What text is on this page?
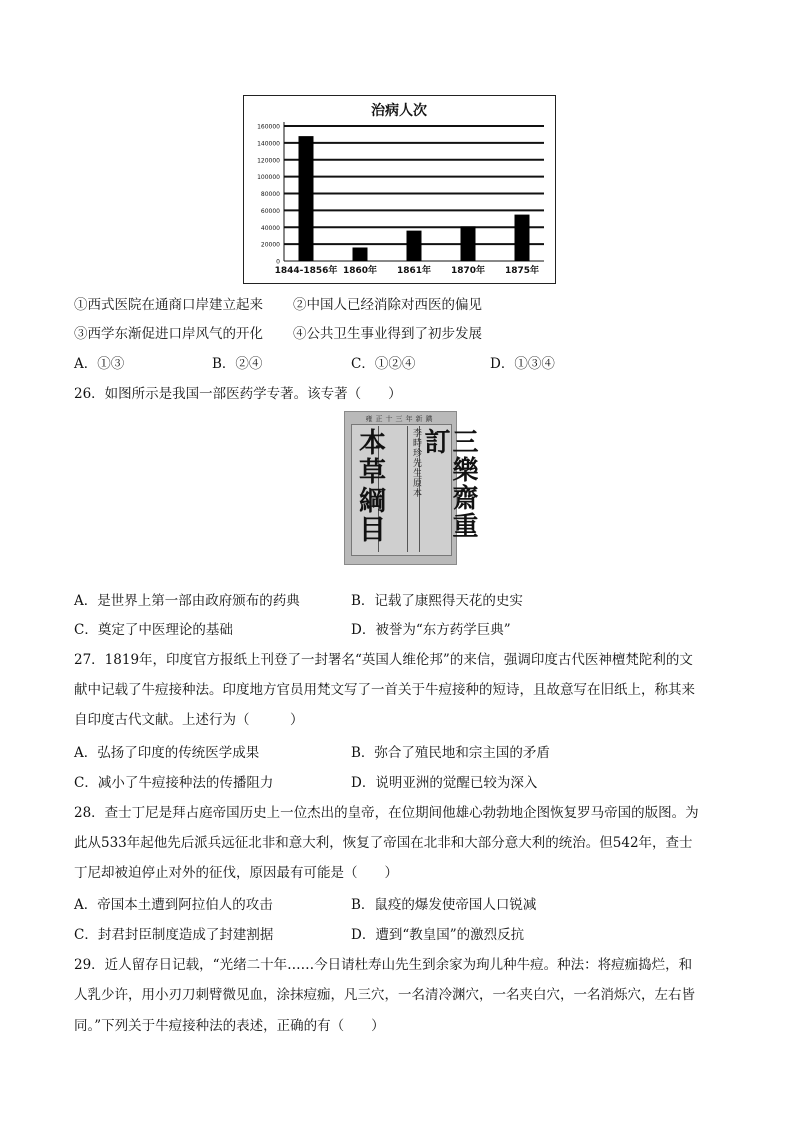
治病人次
160000
140000
120000
100000
80000
60000
40000
20000
0
1844-1856年 1860年 1861年 1870年 1875年
①西式医院在通商口岸建立起来 ②中国人已经消除对西医的偏见
③西学东渐促进口岸风气的开化 ④公共卫生事业得到了初步发展
A．①③	B．②④	C．①②④	D．①③④
26．如图所示是我国一部医药学专著。该专著（　　）
雍正十三年新鐫
本草綱目	李時珍先生原本	三樂齋重訂
A．是世界上第一部由政府颁布的药典	B．记载了康熙得天花的史实
C．奠定了中医理论的基础	D．被誉为“东方药学巨典”
27．1819年，印度官方报纸上刊登了一封署名“英国人维伦邦”的来信，强调印度古代医神檀梵陀利的文
献中记载了牛痘接种法。印度地方官员用梵文写了一首关于牛痘接种的短诗，且故意写在旧纸上，称其来
自印度古代文献。上述行为（　　　）
A．弘扬了印度的传统医学成果	B．弥合了殖民地和宗主国的矛盾
C．减小了牛痘接种法的传播阻力	D．说明亚洲的觉醒已较为深入
28．查士丁尼是拜占庭帝国历史上一位杰出的皇帝，在位期间他雄心勃勃地企图恢复罗马帝国的版图。为
此从533年起他先后派兵远征北非和意大利，恢复了帝国在北非和大部分意大利的统治。但542年，查士
丁尼却被迫停止对外的征伐，原因最有可能是（　　）
A．帝国本土遭到阿拉伯人的攻击	B．鼠疫的爆发使帝国人口锐减
C．封君封臣制度造成了封建割据	D．遭到“教皇国”的激烈反抗
29．近人留存日记载，“光绪二十年……今日请杜寿山先生到余家为珣儿种牛痘。种法：将痘痂捣烂，和
人乳少许，用小刃刀刺臂微见血，涂抹痘痂，凡三穴，一名清冷渊穴，一名夹白穴，一名消烁穴，左右皆
同。”下列关于牛痘接种法的表述，正确的有（　　）
